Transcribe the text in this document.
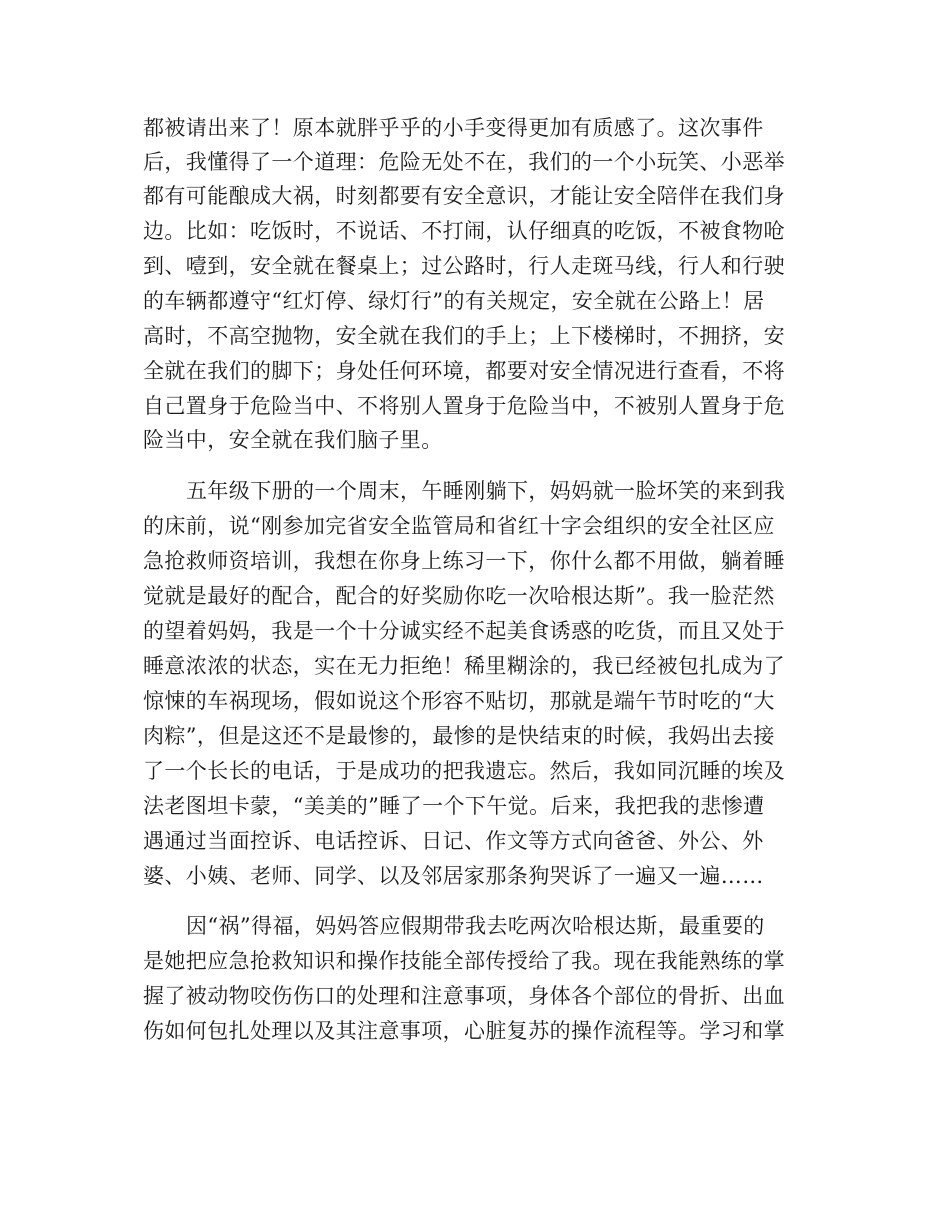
都被请出来了！原本就胖乎乎的小手变得更加有质感了。这次事件
后，我懂得了一个道理：危险无处不在，我们的一个小玩笑、小恶举
都有可能酿成大祸，时刻都要有安全意识，才能让安全陪伴在我们身
边。比如：吃饭时，不说话、不打闹，认仔细真的吃饭，不被食物呛
到、噎到，安全就在餐桌上；过公路时，行人走斑马线，行人和行驶
的车辆都遵守“红灯停、绿灯行”的有关规定，安全就在公路上！居
高时，不高空抛物，安全就在我们的手上；上下楼梯时，不拥挤，安
全就在我们的脚下；身处任何环境，都要对安全情况进行查看，不将
自己置身于危险当中、不将别人置身于危险当中，不被别人置身于危
险当中，安全就在我们脑子里。
五年级下册的一个周末，午睡刚躺下，妈妈就一脸坏笑的来到我
的床前，说“刚参加完省安全监管局和省红十字会组织的安全社区应
急抢救师资培训，我想在你身上练习一下，你什么都不用做，躺着睡
觉就是最好的配合，配合的好奖励你吃一次哈根达斯”。我一脸茫然
的望着妈妈，我是一个十分诚实经不起美食诱惑的吃货，而且又处于
睡意浓浓的状态，实在无力拒绝！稀里糊涂的，我已经被包扎成为了
惊悚的车祸现场，假如说这个形容不贴切，那就是端午节时吃的“大
肉粽”，但是这还不是最惨的，最惨的是快结束的时候，我妈出去接
了一个长长的电话，于是成功的把我遗忘。然后，我如同沉睡的埃及
法老图坦卡蒙，“美美的”睡了一个下午觉。后来，我把我的悲惨遭
遇通过当面控诉、电话控诉、日记、作文等方式向爸爸、外公、外
婆、小姨、老师、同学、以及邻居家那条狗哭诉了一遍又一遍……
因“祸”得福，妈妈答应假期带我去吃两次哈根达斯，最重要的
是她把应急抢救知识和操作技能全部传授给了我。现在我能熟练的掌
握了被动物咬伤伤口的处理和注意事项，身体各个部位的骨折、出血
伤如何包扎处理以及其注意事项，心脏复苏的操作流程等。学习和掌
